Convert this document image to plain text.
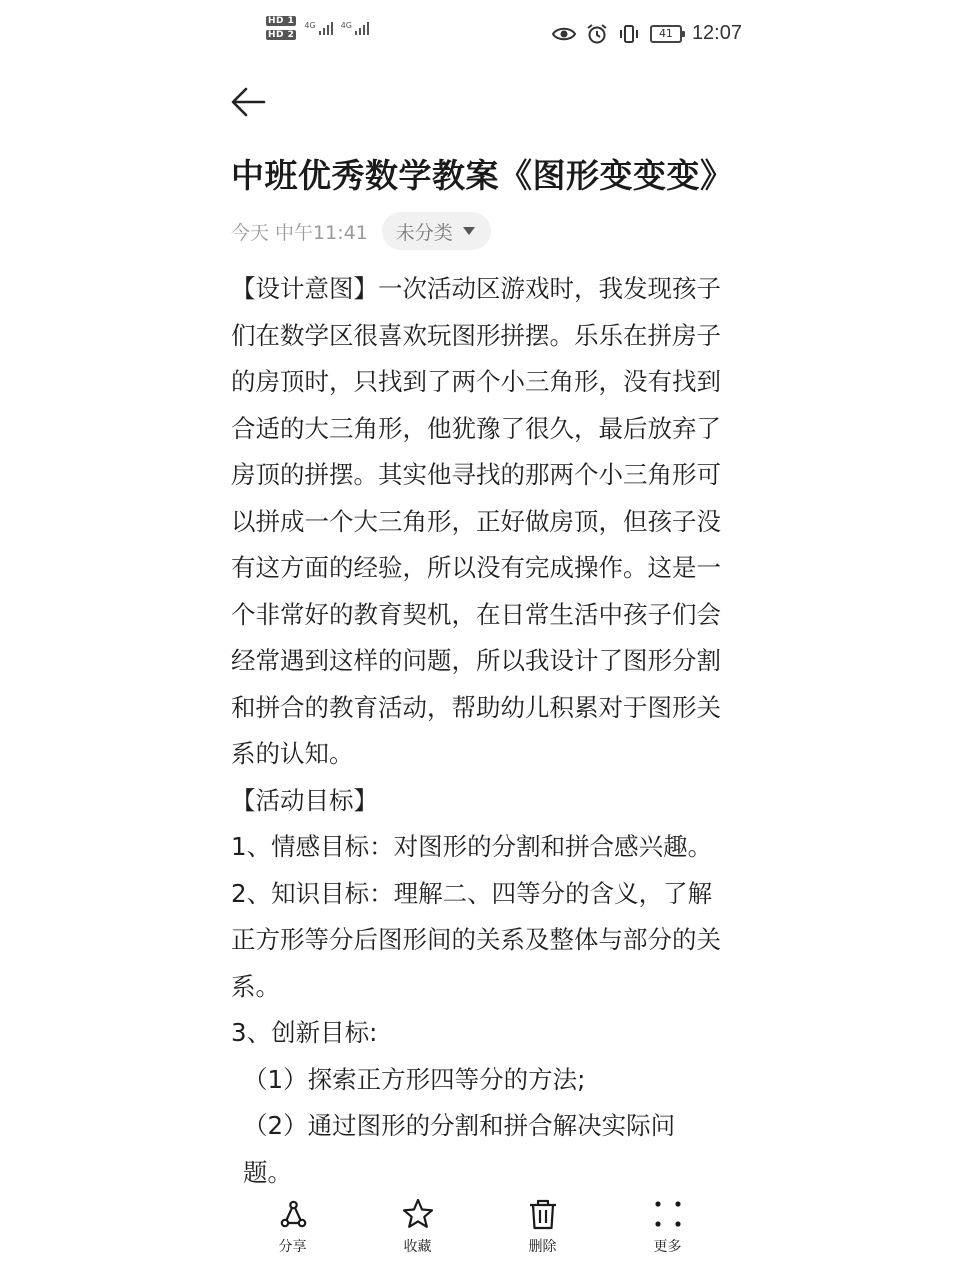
HD 1
HD 2
4G	4G
41 12:07
中班优秀数学教案《图形变变变》
今天 中午11:41 未分类

【设计意图】一次活动区游戏时，我发现孩子们在数学区很喜欢玩图形拼摆。乐乐在拼房子的房顶时，只找到了两个小三角形，没有找到合适的大三角形，他犹豫了很久，最后放弃了房顶的拼摆。其实他寻找的那两个小三角形可以拼成一个大三角形，正好做房顶，但孩子没有这方面的经验，所以没有完成操作。这是一个非常好的教育契机，在日常生活中孩子们会经常遇到这样的问题，所以我设计了图形分割和拼合的教育活动，帮助幼儿积累对于图形关系的认知。

【活动目标】

1、情感目标：对图形的分割和拼合感兴趣。

2、知识目标：理解二、四等分的含义，了解正方形等分后图形间的关系及整体与部分的关系。

3、创新目标:

（1）探索正方形四等分的方法;

（2）通过图形的分割和拼合解决实际问题。

分享	收藏	删除	更多
